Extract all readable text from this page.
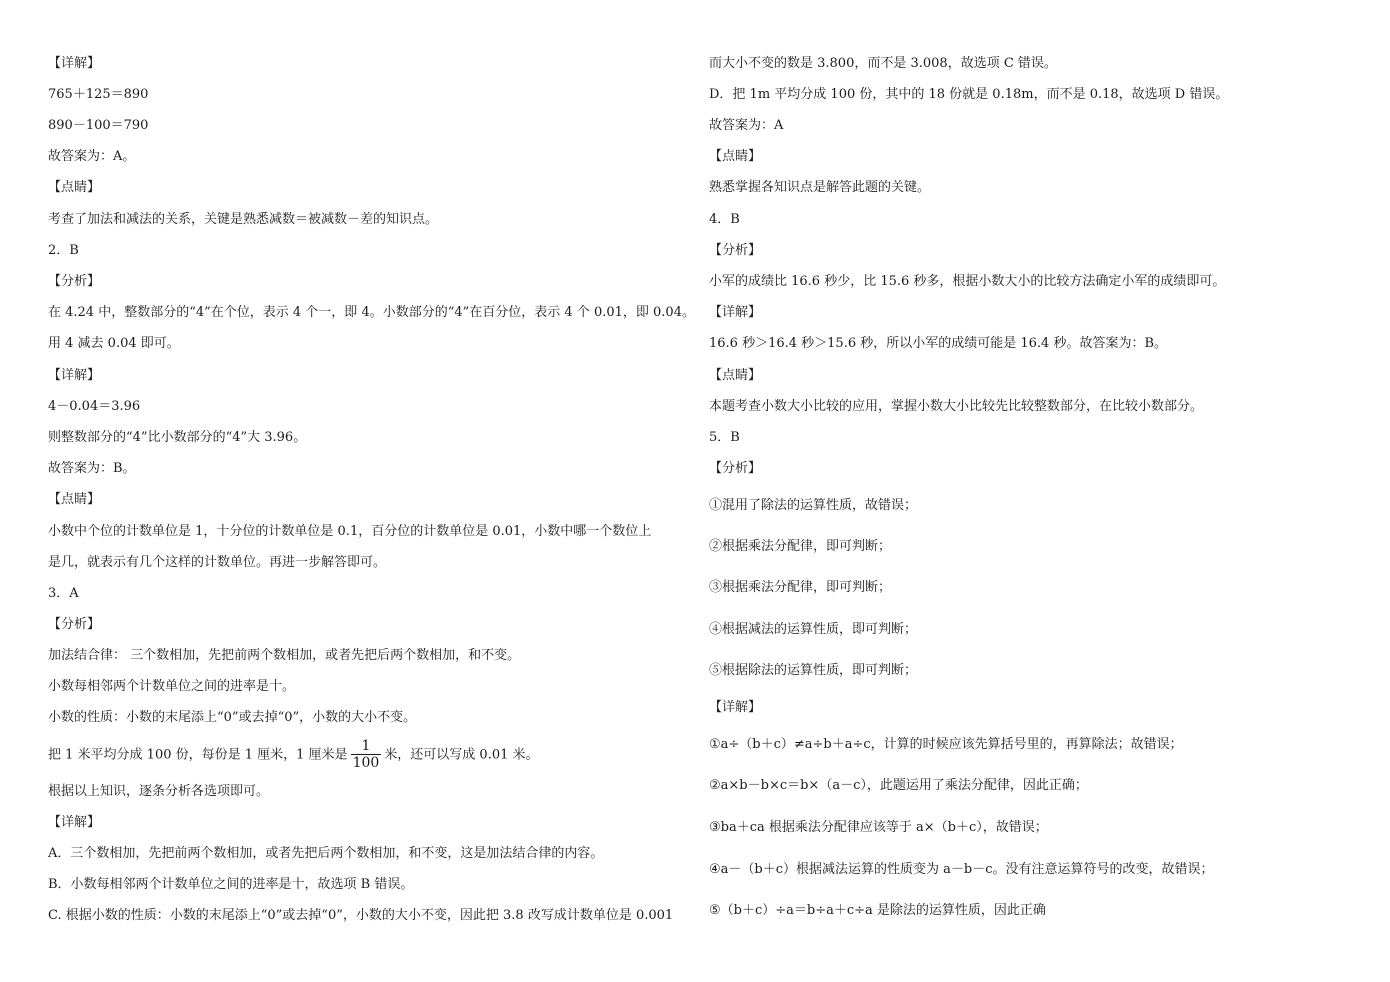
【详解】
765＋125＝890
890－100＝790
故答案为：A。
【点睛】
考查了加法和减法的关系，关键是熟悉减数＝被减数－差的知识点。
2．B
【分析】
在 4.24 中，整数部分的“4”在个位，表示 4 个一，即 4。小数部分的“4”在百分位，表示 4 个 0.01，即 0.04。
用 4 减去 0.04 即可。
【详解】
4－0.04＝3.96
则整数部分的“4”比小数部分的“4”大 3.96。
故答案为：B。
【点睛】
小数中个位的计数单位是 1，十分位的计数单位是 0.1，百分位的计数单位是 0.01，小数中哪一个数位上
是几，就表示有几个这样的计数单位。再进一步解答即可。
3．A
【分析】
加法结合律： 三个数相加，先把前两个数相加，或者先把后两个数相加，和不变。
小数每相邻两个计数单位之间的进率是十。
小数的性质：小数的末尾添上“0”或去掉“0”，小数的大小不变。
把 1 米平均分成 100 份，每份是 1 厘米，1 厘米是 $\frac{1}{100}$ 米，还可以写成 0.01 米。
根据以上知识，逐条分析各选项即可。
【详解】
A．三个数相加，先把前两个数相加，或者先把后两个数相加，和不变，这是加法结合律的内容。
B．小数每相邻两个计数单位之间的进率是十，故选项 B 错误。
C. 根据小数的性质：小数的末尾添上“0”或去掉“0”，小数的大小不变，因此把 3.8 改写成计数单位是 0.001
而大小不变的数是 3.800，而不是 3.008，故选项 C 错误。
D．把 1m 平均分成 100 份，其中的 18 份就是 0.18m，而不是 0.18，故选项 D 错误。
故答案为：A
【点睛】
熟悉掌握各知识点是解答此题的关键。
4．B
【分析】
小军的成绩比 16.6 秒少，比 15.6 秒多，根据小数大小的比较方法确定小军的成绩即可。
【详解】
16.6 秒＞16.4 秒＞15.6 秒，所以小军的成绩可能是 16.4 秒。故答案为：B。
【点睛】
本题考查小数大小比较的应用，掌握小数大小比较先比较整数部分，在比较小数部分。
5．B
【分析】
①混用了除法的运算性质，故错误；
②根据乘法分配律，即可判断；
③根据乘法分配律，即可判断；
④根据减法的运算性质，即可判断；
⑤根据除法的运算性质，即可判断；
【详解】
①a÷（b＋c）≠a÷b＋a÷c，计算的时候应该先算括号里的，再算除法；故错误；
②a×b－b×c＝b×（a－c），此题运用了乘法分配律，因此正确；
③ba＋ca 根据乘法分配律应该等于 a×（b＋c），故错误；
④a－（b＋c）根据减法运算的性质变为 a－b－c。没有注意运算符号的改变，故错误；
⑤（b＋c）÷a＝b÷a＋c÷a 是除法的运算性质，因此正确
